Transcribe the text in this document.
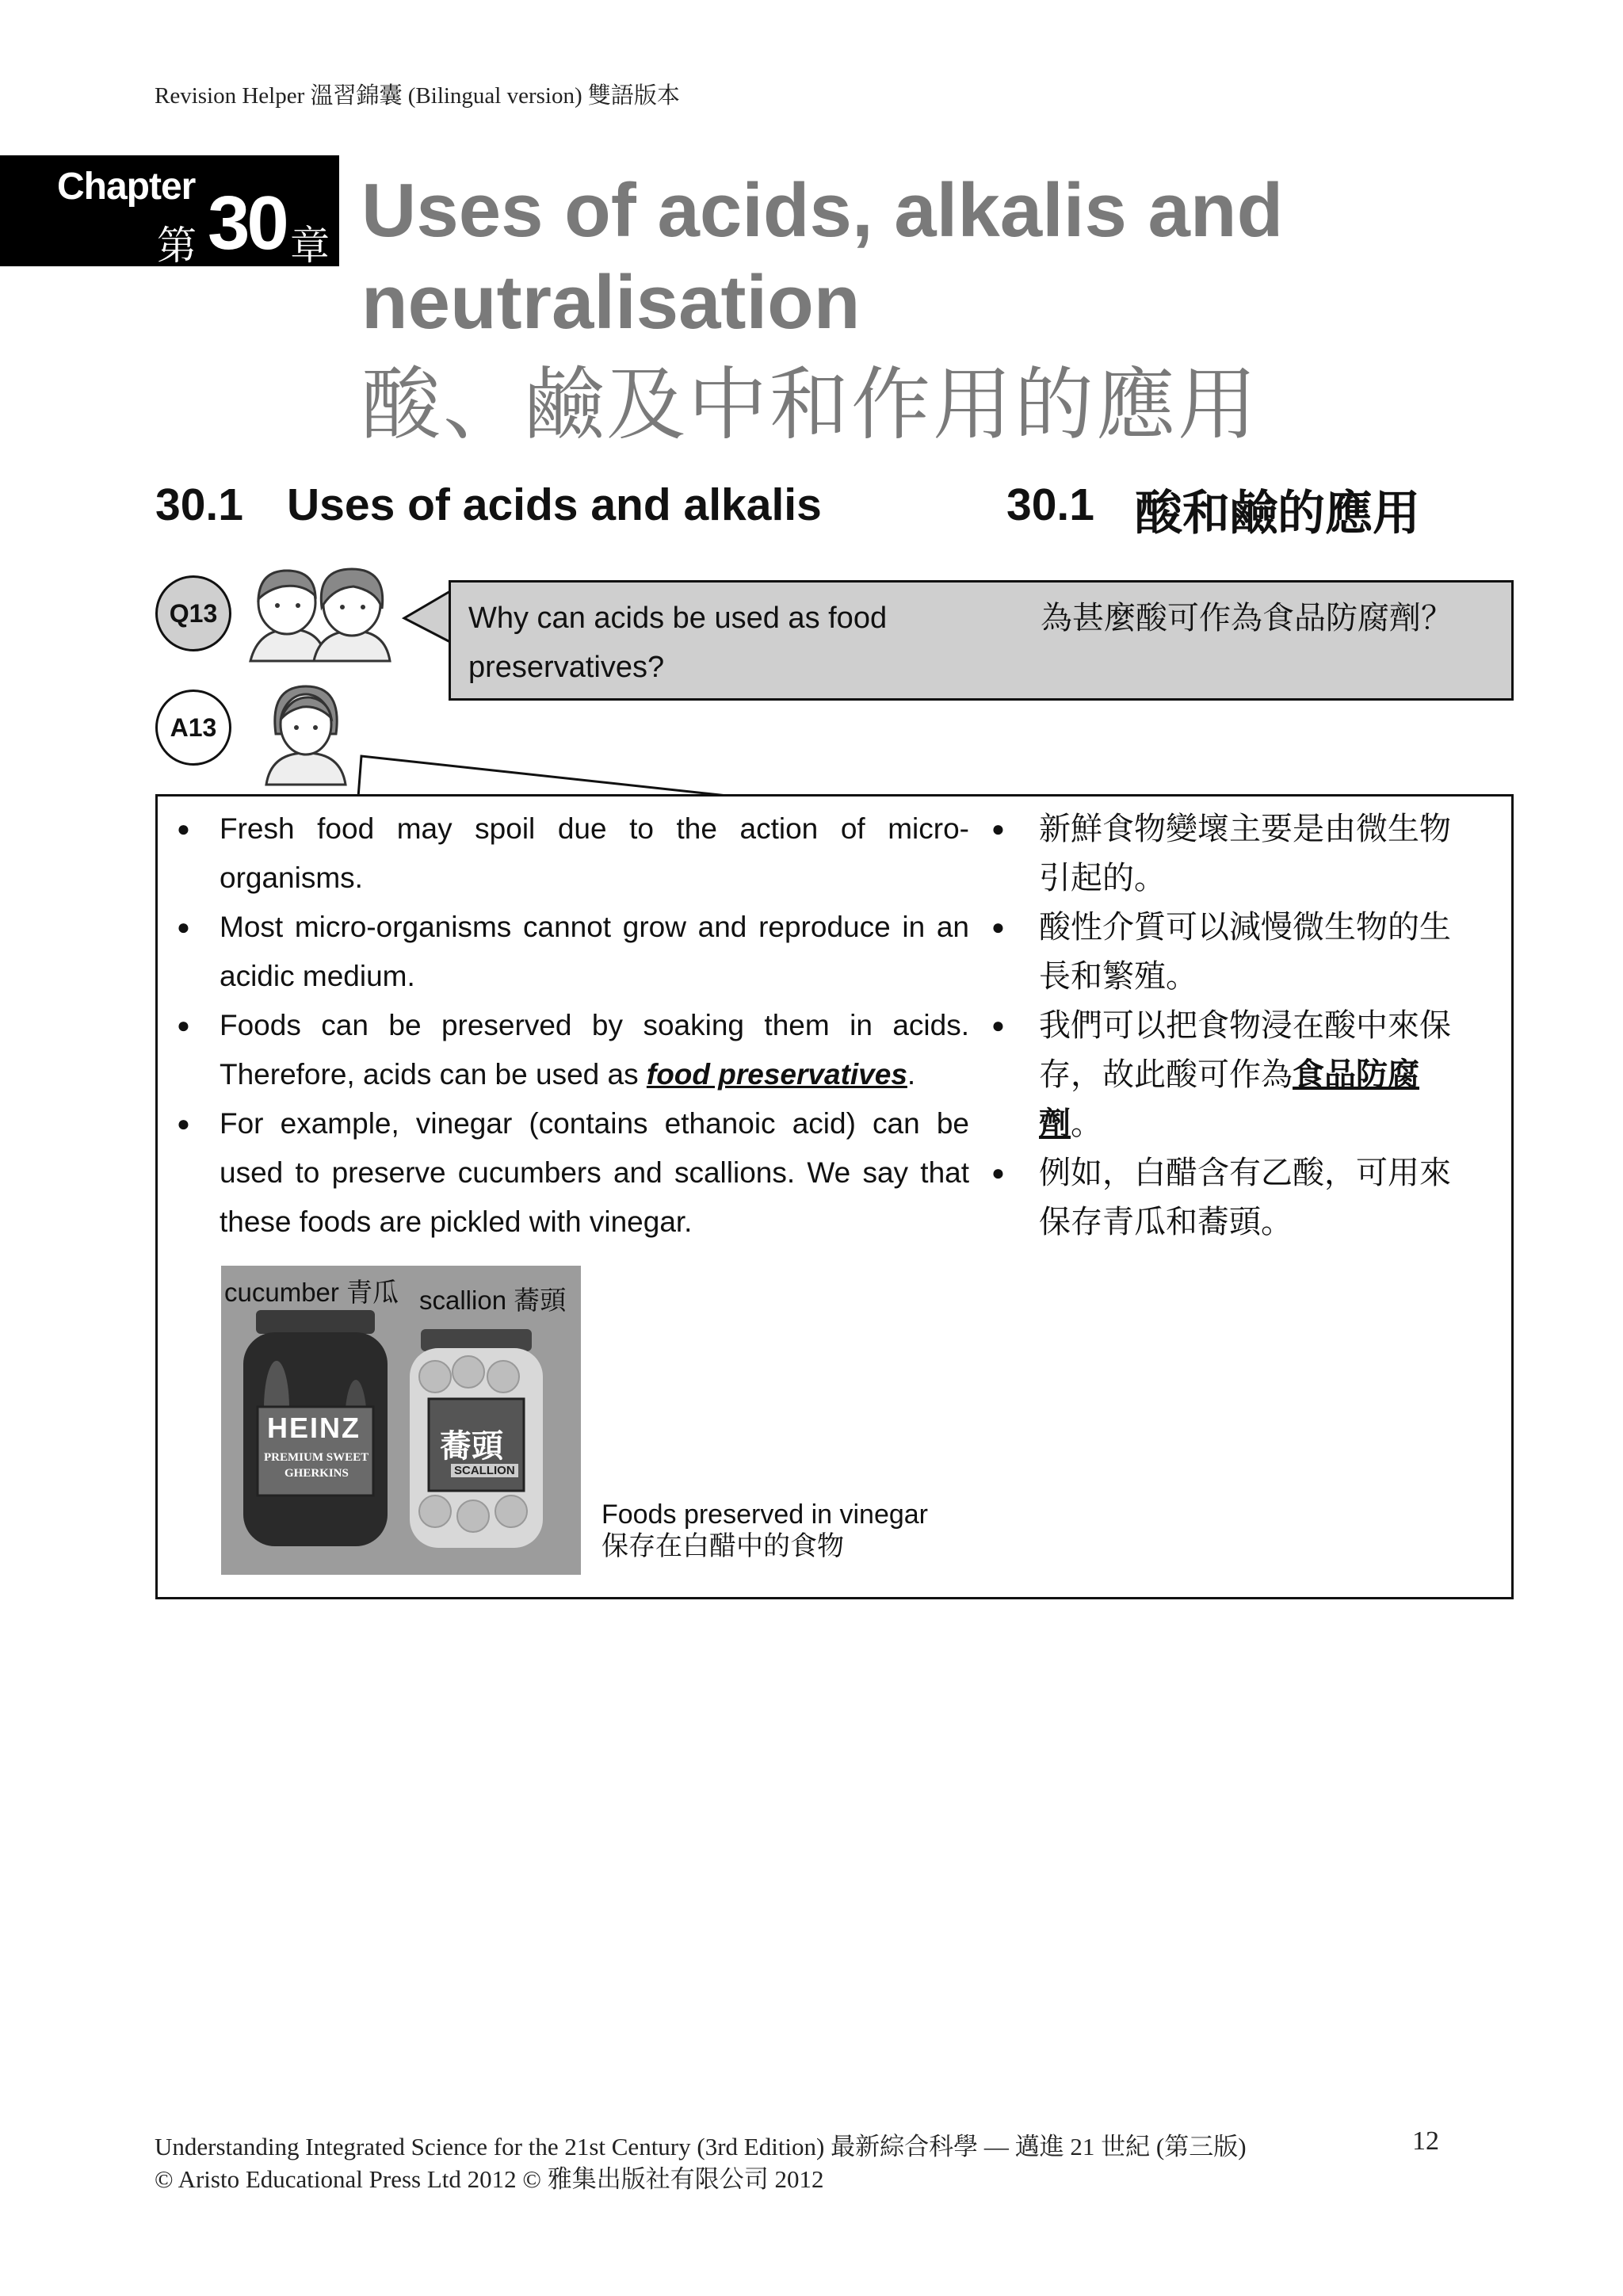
Revision Helper 溫習錦囊 (Bilingual version) 雙語版本
Chapter
第 30 章 Uses of acids, alkalis and neutralisation
酸、鹼及中和作用的應用
30.1 Uses of acids and alkalis	30.1 酸和鹼的應用
Q13	Why can acids be used as food preservatives?
為甚麼酸可作為食品防腐劑？
A13
● Fresh food may spoil due to the action of micro-organisms.
● Most micro-organisms cannot grow and reproduce in an acidic medium.
● Foods can be preserved by soaking them in acids. Therefore, acids can be used as food preservatives.
● For example, vinegar (contains ethanoic acid) can be used to preserve cucumbers and scallions. We say that these foods are pickled with vinegar.
● 新鮮食物變壞主要是由微生物引起的。
● 酸性介質可以減慢微生物的生長和繁殖。
● 我們可以把食物浸在酸中來保存，故此酸可作為食品防腐劑。
● 例如，白醋含有乙酸，可用來保存青瓜和蕎頭。
HEINZ
PREMIUM SWEET
GHERKINS
蕎頭
SCALLION
cucumber 青瓜 scallion 蕎頭
Foods preserved in vinegar
保存在白醋中的食物
Understanding Integrated Science for the 21st Century (3rd Edition) 最新綜合科學 — 邁進 21 世紀 (第三版)
© Aristo Educational Press Ltd 2012 © 雅集出版社有限公司 2012
12
